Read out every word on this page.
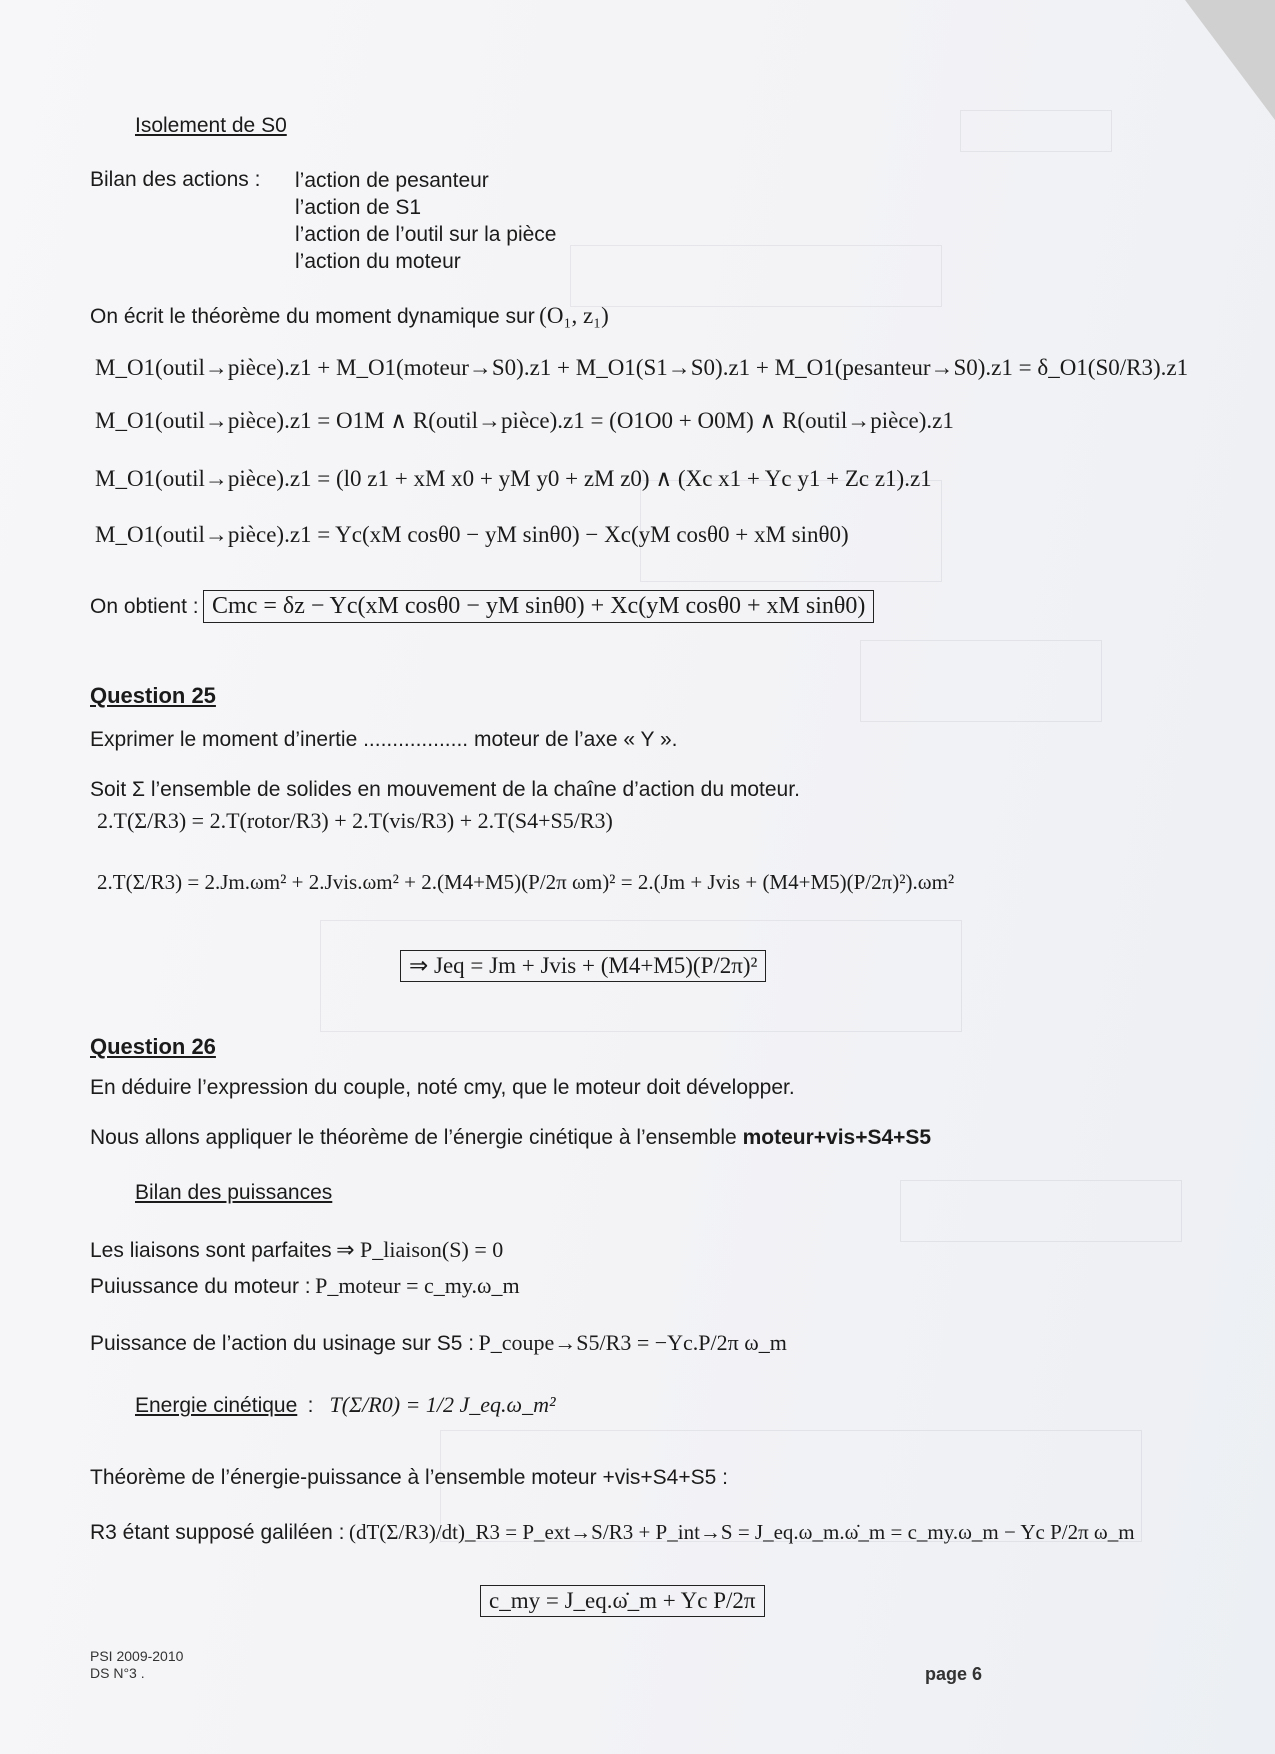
Isolement de S0
Bilan des actions : l’action de pesanteur
l’action de S1
l’action de l’outil sur la pièce
l’action du moteur
On écrit le théorème du moment dynamique sur (O₁, z₁)
M_O1(outil→pièce).z1 + M_O1(moteur→S0).z1 + M_O1(S1→S0).z1 + M_O1(pesanteur→S0).z1 = δ_O1(S0/R3).z1
M_O1(outil→pièce).z1 = O1M ∧ R(outil→pièce).z1 = (O1O0 + O0M) ∧ R(outil→pièce).z1
M_O1(outil→pièce).z1 = (l0 z1 + xM x0 + yM y0 + zM z0) ∧ (Xc x1 + Yc y1 + Zc z1).z1
M_O1(outil→pièce).z1 = Yc(xM cosθ0 − yM sinθ0) − Xc(yM cosθ0 + xM sinθ0)
On obtient : Cmc = δz − Yc(xM cosθ0 − yM sinθ0) + Xc(yM cosθ0 + xM sinθ0)
Question 25
Exprimer le moment d’inertie .................. moteur de l’axe « Y ».
Soit Σ l’ensemble de solides en mouvement de la chaîne d’action du moteur.
2.T(Σ/R3) = 2.T(rotor/R3) + 2.T(vis/R3) + 2.T(S4+S5/R3)
2.T(Σ/R3) = 2.Jm.ωm² + 2.Jvis.ωm² + 2.(M4+M5)(P/2π ωm)² = 2.(Jm + Jvis + (M4+M5)(P/2π)²).ωm²
⇒ Jeq = Jm + Jvis + (M4+M5)(P/2π)²
Question 26
En déduire l’expression du couple, noté cmy, que le moteur doit développer.
Nous allons appliquer le théorème de l’énergie cinétique à l’ensemble moteur+vis+S4+S5
Bilan des puissances
Les liaisons sont parfaites ⇒ P_liaison(S) = 0
Puiussance du moteur : P_moteur = c_my.ω_m
Puissance de l’action du usinage sur S5 : P_coupe→S5/R3 = −Yc.P/2π ω_m
Energie cinétique  :   T(Σ/R0) = 1/2 J_eq.ω_m²
Théorème de l’énergie-puissance à l’ensemble moteur +vis+S4+S5 :
R3 étant supposé galiléen : (dT(Σ/R3)/dt)_R3 = P_ext→S/R3 + P_int→S = J_eq.ω_m.ω̇_m = c_my.ω_m − Yc P/2π ω_m
c_my = J_eq.ω̇_m + Yc P/2π
PSI 2009-2010
DS N°3 .	page 6
